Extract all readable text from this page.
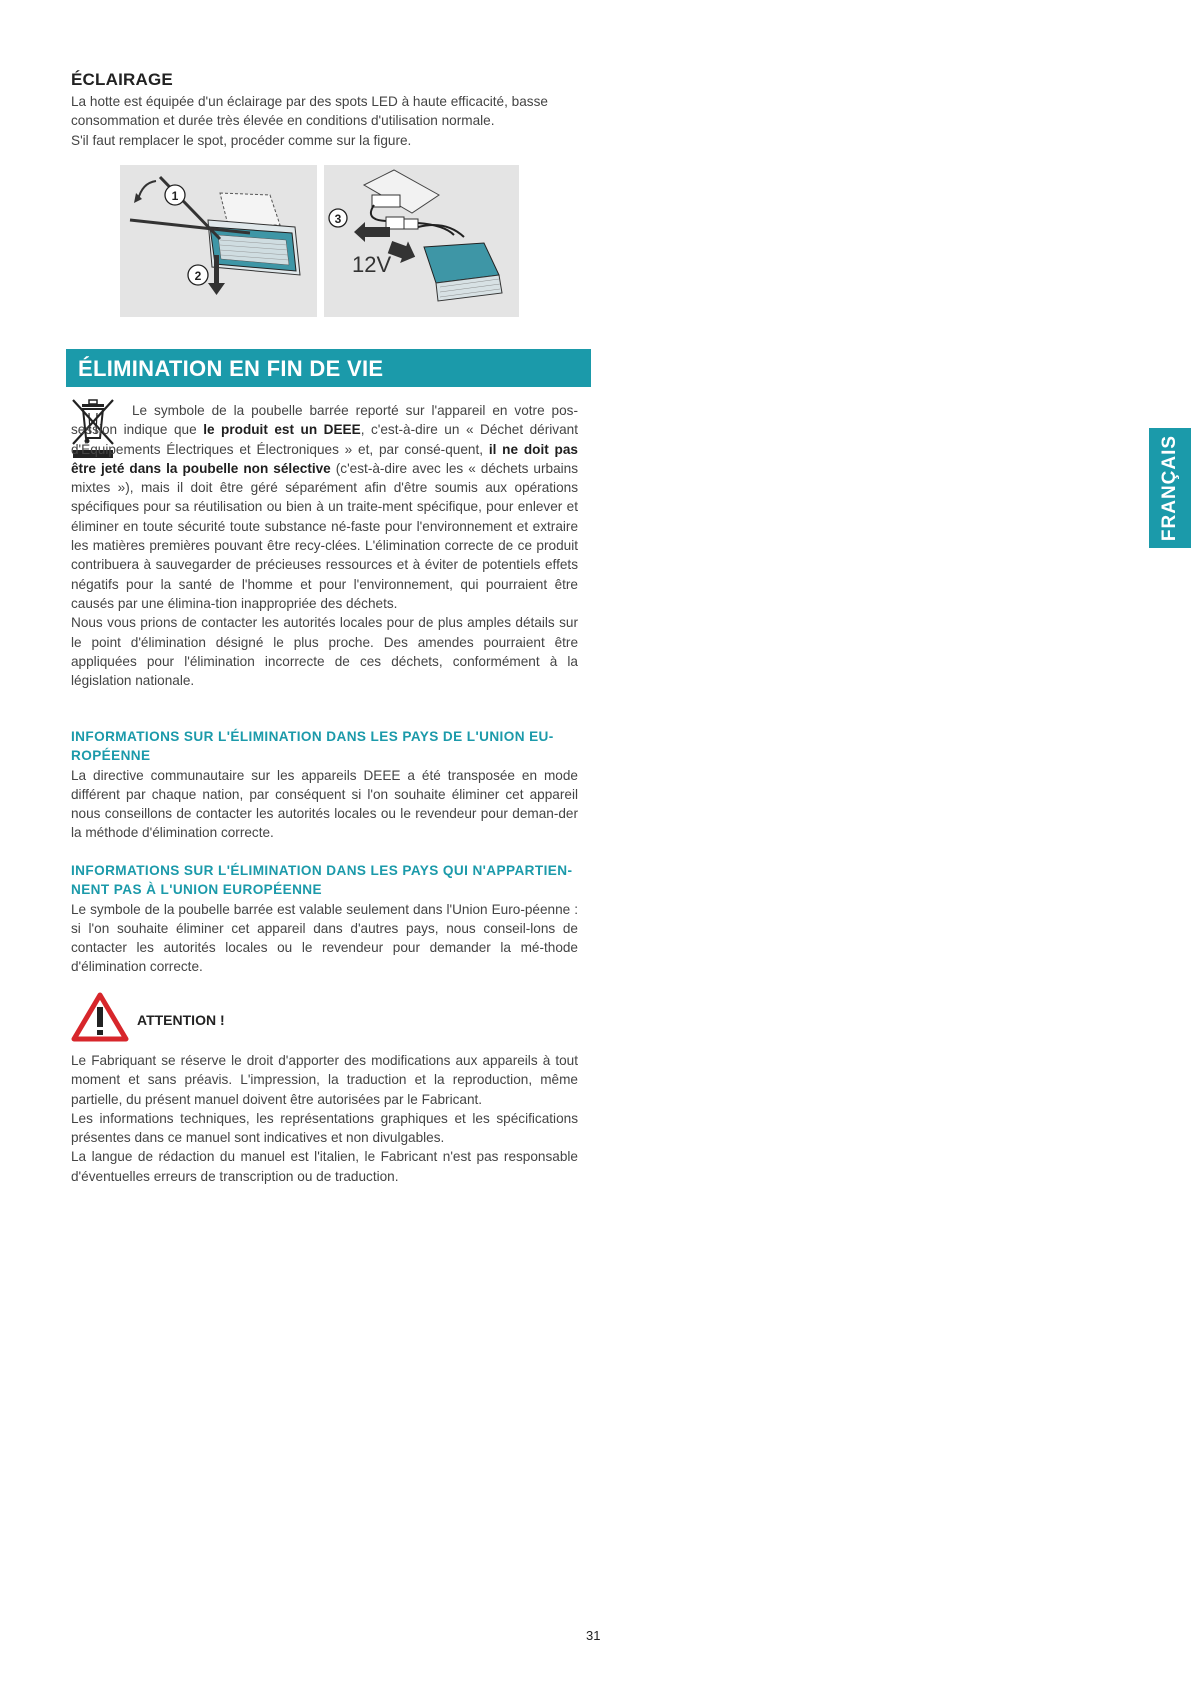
ÉCLAIRAGE

La hotte est équipée d'un éclairage par des spots LED à haute efficacité, basse

consommation et durée très élevée en conditions d'utilisation normale.

S'il faut remplacer le spot, procéder comme sur la figure.

1
2
3
12V
ÉLIMINATION EN FIN DE VIE

Le symbole de la poubelle barrée reporté sur l'appareil en votre pos-session indique que le produit est un DEEE, c'est-à-dire un « Déchet dérivant d'Équipements Électriques et Électroniques » et, par consé-quent, il ne doit pas être jeté dans la poubelle non sélective (c'est-à-dire avec les « déchets urbains mixtes »), mais il doit être géré séparément afin d'être soumis aux opérations spécifiques pour sa réutilisation ou bien à un traite-ment spécifique, pour enlever et éliminer en toute sécurité toute substance né-faste pour l'environnement et extraire les matières premières pouvant être recy-clées. L'élimination correcte de ce produit contribuera à sauvegarder de précieuses ressources et à éviter de potentiels effets négatifs pour la santé de l'homme et pour l'environnement, qui pourraient être causés par une élimina-tion inappropriée des déchets.

Nous vous prions de contacter les autorités locales pour de plus amples détails sur le point d'élimination désigné le plus proche. Des amendes pourraient être appliquées pour l'élimination incorrecte de ces déchets, conformément à la législation nationale.

INFORMATIONS SUR L'ÉLIMINATION DANS LES PAYS DE L'UNION EU-ROPÉENNE

La directive communautaire sur les appareils DEEE a été transposée en mode différent par chaque nation, par conséquent si l'on souhaite éliminer cet appareil nous conseillons de contacter les autorités locales ou le revendeur pour deman-der la méthode d'élimination correcte.

INFORMATIONS SUR L'ÉLIMINATION DANS LES PAYS QUI N'APPARTIEN-NENT PAS À L'UNION EUROPÉENNE

Le symbole de la poubelle barrée est valable seulement dans l'Union Euro-péenne : si l'on souhaite éliminer cet appareil dans d'autres pays, nous conseil-lons de contacter les autorités locales ou le revendeur pour demander la mé-thode d'élimination correcte.

ATTENTION !

Le Fabriquant se réserve le droit d'apporter des modifications aux appareils à tout moment et sans préavis. L'impression, la traduction et la reproduction, même partielle, du présent manuel doivent être autorisées par le Fabricant.

Les informations techniques, les représentations graphiques et les spécifications présentes dans ce manuel sont indicatives et non divulgables.

La langue de rédaction du manuel est l'italien, le Fabricant n'est pas responsable d'éventuelles erreurs de transcription ou de traduction.

FRANÇAIS
31
